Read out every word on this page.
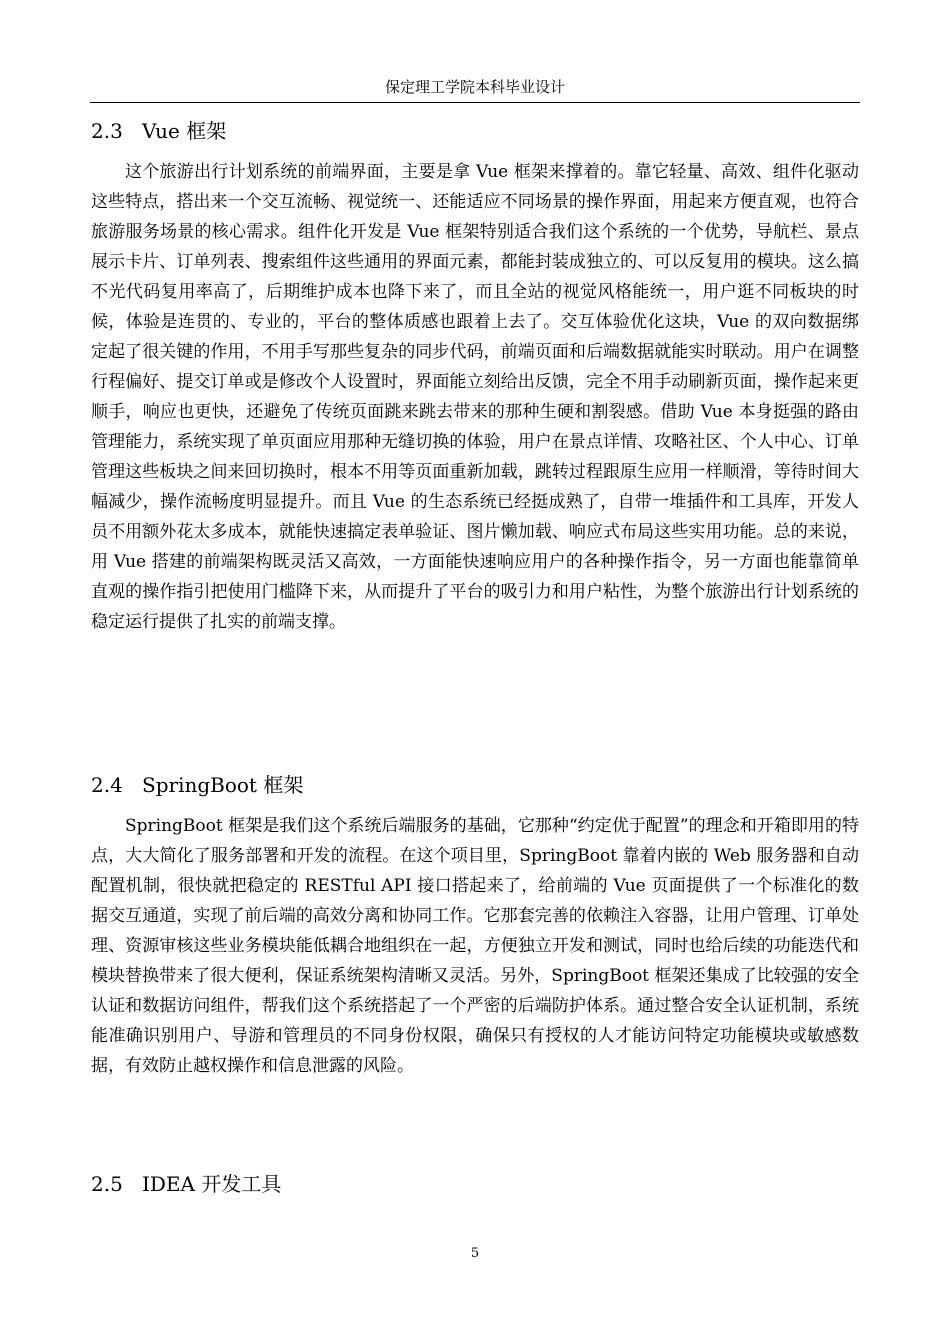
保定理工学院本科毕业设计
2.3 Vue 框架

这个旅游出行计划系统的前端界面，主要是拿 Vue 框架来撑着的。靠它轻量、高效、组件化驱动这些特点，搭出来一个交互流畅、视觉统一、还能适应不同场景的操作界面，用起来方便直观，也符合旅游服务场景的核心需求。组件化开发是 Vue 框架特别适合我们这个系统的一个优势，导航栏、景点展示卡片、订单列表、搜索组件这些通用的界面元素，都能封装成独立的、可以反复用的模块。这么搞不光代码复用率高了，后期维护成本也降下来了，而且全站的视觉风格能统一，用户逛不同板块的时候，体验是连贯的、专业的，平台的整体质感也跟着上去了。交互体验优化这块，Vue 的双向数据绑定起了很关键的作用，不用手写那些复杂的同步代码，前端页面和后端数据就能实时联动。用户在调整行程偏好、提交订单或是修改个人设置时，界面能立刻给出反馈，完全不用手动刷新页面，操作起来更顺手，响应也更快，还避免了传统页面跳来跳去带来的那种生硬和割裂感。借助 Vue 本身挺强的路由管理能力，系统实现了单页面应用那种无缝切换的体验，用户在景点详情、攻略社区、个人中心、订单管理这些板块之间来回切换时，根本不用等页面重新加载，跳转过程跟原生应用一样顺滑，等待时间大幅减少，操作流畅度明显提升。而且 Vue 的生态系统已经挺成熟了，自带一堆插件和工具库，开发人员不用额外花太多成本，就能快速搞定表单验证、图片懒加载、响应式布局这些实用功能。总的来说，用 Vue 搭建的前端架构既灵活又高效，一方面能快速响应用户的各种操作指令，另一方面也能靠简单直观的操作指引把使用门槛降下来，从而提升了平台的吸引力和用户粘性，为整个旅游出行计划系统的稳定运行提供了扎实的前端支撑。

2.4 SpringBoot 框架

SpringBoot 框架是我们这个系统后端服务的基础，它那种“约定优于配置”的理念和开箱即用的特点，大大简化了服务部署和开发的流程。在这个项目里，SpringBoot 靠着内嵌的 Web 服务器和自动配置机制，很快就把稳定的 RESTful API 接口搭起来了，给前端的 Vue 页面提供了一个标准化的数据交互通道，实现了前后端的高效分离和协同工作。它那套完善的依赖注入容器，让用户管理、订单处理、资源审核这些业务模块能低耦合地组织在一起，方便独立开发和测试，同时也给后续的功能迭代和模块替换带来了很大便利，保证系统架构清晰又灵活。另外，SpringBoot 框架还集成了比较强的安全认证和数据访问组件，帮我们这个系统搭起了一个严密的后端防护体系。通过整合安全认证机制，系统能准确识别用户、导游和管理员的不同身份权限，确保只有授权的人才能访问特定功能模块或敏感数据，有效防止越权操作和信息泄露的风险。

2.5 IDEA 开发工具
5
